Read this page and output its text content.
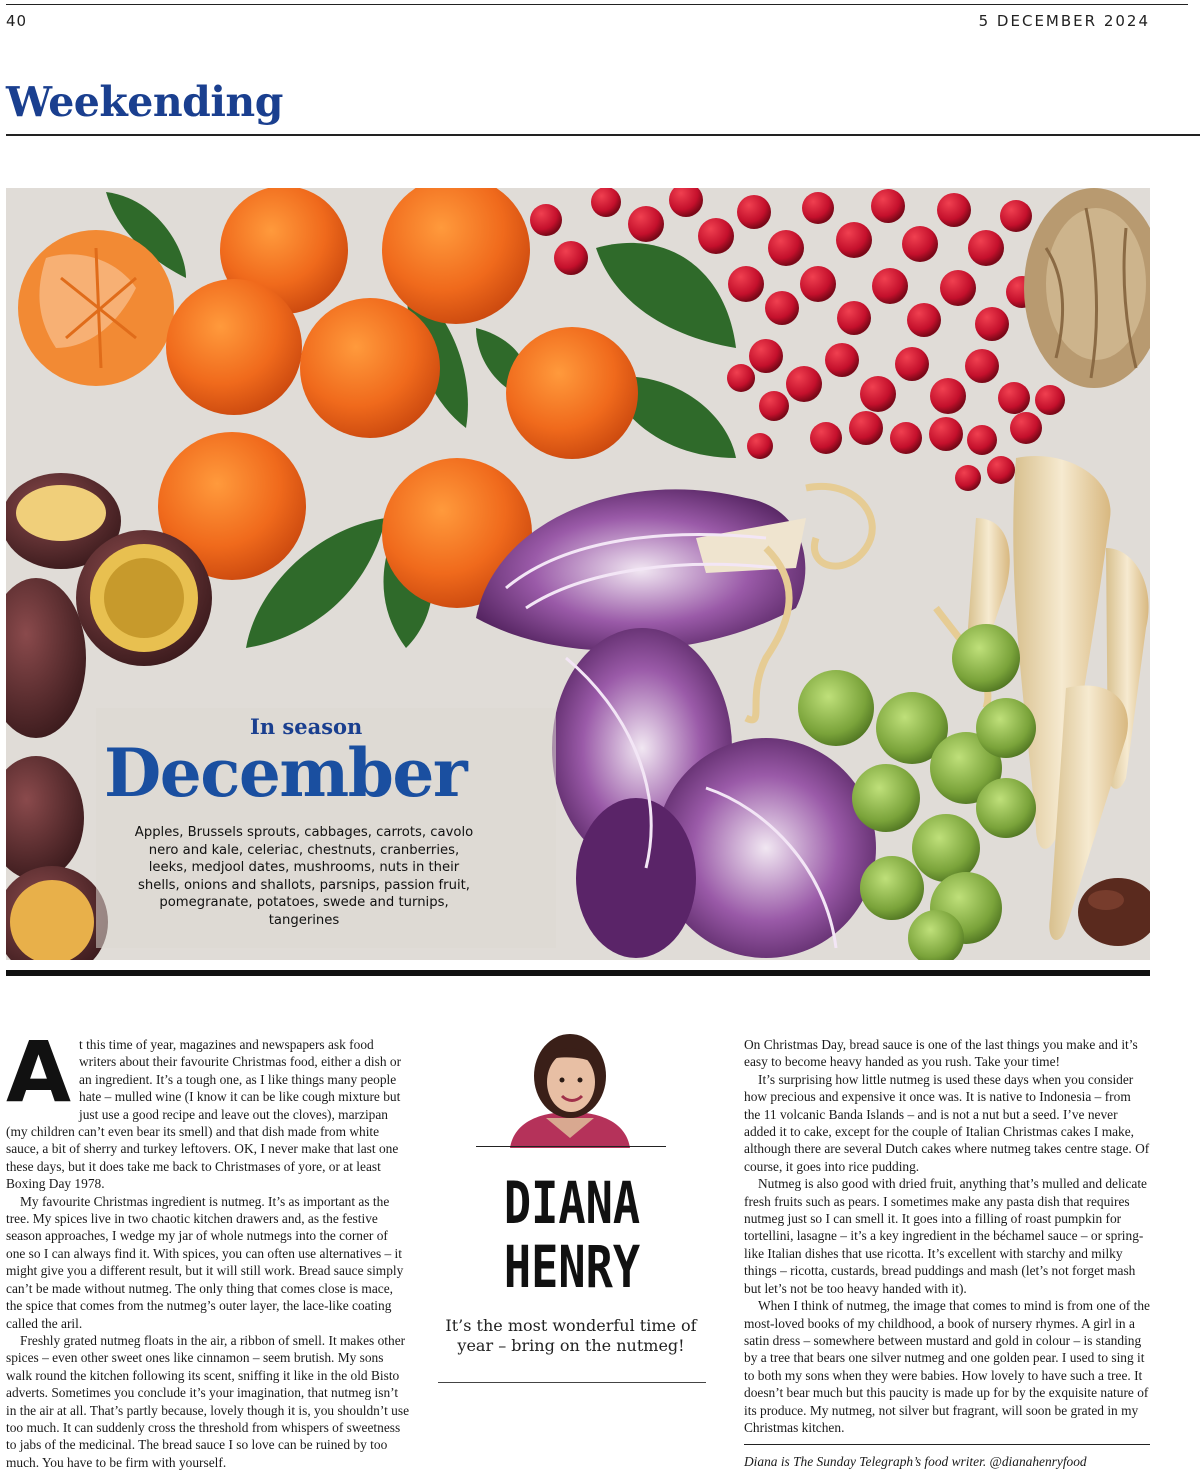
40	5 DECEMBER 2024
Weekending
In season
December
Apples, Brussels sprouts, cabbages, carrots, cavolo nero and kale, celeriac, chestnuts, cranberries, leeks, medjool dates, mushrooms, nuts in their shells, onions and shallots, parsnips, passion fruit, pomegranate, potatoes, swede and turnips, tangerines

At this time of year, magazines and newspapers ask food writers about their favourite Christmas food, either a dish or an ingredient. It’s a tough one, as I like things many people hate – mulled wine (I know it can be like cough mixture but just use a good recipe and leave out the cloves), marzipan (my children can’t even bear its smell) and that dish made from white sauce, a bit of sherry and turkey leftovers. OK, I never make that last one these days, but it does take me back to Christmases of yore, or at least Boxing Day 1978.

My favourite Christmas ingredient is nutmeg. It’s as important as the tree. My spices live in two chaotic kitchen drawers and, as the festive season approaches, I wedge my jar of whole nutmegs into the corner of one so I can always find it. With spices, you can often use alternatives – it might give you a different result, but it will still work. Bread sauce simply can’t be made without nutmeg. The only thing that comes close is mace, the spice that comes from the nutmeg’s outer layer, the lace-like coating called the aril.

Freshly grated nutmeg floats in the air, a ribbon of smell. It makes other spices – even other sweet ones like cinnamon – seem brutish. My sons walk round the kitchen following its scent, sniffing it like in the old Bisto adverts. Sometimes you conclude it’s your imagination, that nutmeg isn’t in the air at all. That’s partly because, lovely though it is, you shouldn’t use too much. It can suddenly cross the threshold from whispers of sweetness to jabs of the medicinal. The bread sauce I so love can be ruined by too much. You have to be firm with yourself.

DIANA
HENRY
It’s the most wonderful time of year – bring on the nutmeg!

On Christmas Day, bread sauce is one of the last things you make and it’s easy to become heavy handed as you rush. Take your time!

It’s surprising how little nutmeg is used these days when you consider how precious and expensive it once was. It is native to Indonesia – from the 11 volcanic Banda Islands – and is not a nut but a seed. I’ve never added it to cake, except for the couple of Italian Christmas cakes I make, although there are several Dutch cakes where nutmeg takes centre stage. Of course, it goes into rice pudding.

Nutmeg is also good with dried fruit, anything that’s mulled and delicate fresh fruits such as pears. I sometimes make any pasta dish that requires nutmeg just so I can smell it. It goes into a filling of roast pumpkin for tortellini, lasagne – it’s a key ingredient in the béchamel sauce – or spring-like Italian dishes that use ricotta. It’s excellent with starchy and milky things – ricotta, custards, bread puddings and mash (let’s not forget mash but let’s not be too heavy handed with it).

When I think of nutmeg, the image that comes to mind is from one of the most-loved books of my childhood, a book of nursery rhymes. A girl in a satin dress – somewhere between mustard and gold in colour – is standing by a tree that bears one silver nutmeg and one golden pear. I used to sing it to both my sons when they were babies. How lovely to have such a tree. It doesn’t bear much but this paucity is made up for by the exquisite nature of its produce. My nutmeg, not silver but fragrant, will soon be grated in my Christmas kitchen.

Diana is The Sunday Telegraph’s food writer. @dianahenryfood
